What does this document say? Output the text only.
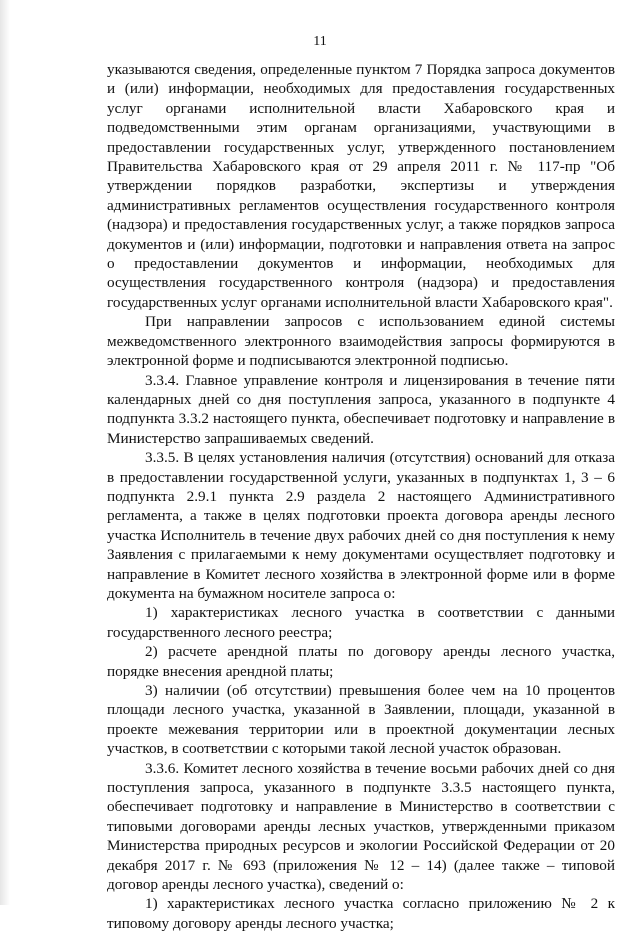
11

указываются сведения, определенные пунктом 7 Порядка запроса документов и (или) информации, необходимых для предоставления государственных услуг органами исполнительной власти Хабаровского края и подведомственными этим органам организациями, участвующими в предоставлении государственных услуг, утвержденного постановлением Правительства Хабаровского края от 29 апреля 2011 г. № 117-пр "Об утверждении порядков разработки, экспертизы и утверждения административных регламентов осуществления государственного контроля (надзора) и предоставления государственных услуг, а также порядков запроса документов и (или) информации, подготовки и направления ответа на запрос о предоставлении документов и информации, необходимых для осуществления государственного контроля (надзора) и предоставления государственных услуг органами исполнительной власти Хабаровского края".

При направлении запросов с использованием единой системы межведомственного электронного взаимодействия запросы формируются в электронной форме и подписываются электронной подписью.

3.3.4. Главное управление контроля и лицензирования в течение пяти календарных дней со дня поступления запроса, указанного в подпункте 4 подпункта 3.3.2 настоящего пункта, обеспечивает подготовку и направление в Министерство запрашиваемых сведений.

3.3.5. В целях установления наличия (отсутствия) оснований для отказа в предоставлении государственной услуги, указанных в подпунктах 1, 3 – 6 подпункта 2.9.1 пункта 2.9 раздела 2 настоящего Административного регламента, а также в целях подготовки проекта договора аренды лесного участка Исполнитель в течение двух рабочих дней со дня поступления к нему Заявления с прилагаемыми к нему документами осуществляет подготовку и направление в Комитет лесного хозяйства в электронной форме или в форме документа на бумажном носителе запроса о:

1) характеристиках лесного участка в соответствии с данными государственного лесного реестра;

2) расчете арендной платы по договору аренды лесного участка, порядке внесения арендной платы;

3) наличии (об отсутствии) превышения более чем на 10 процентов площади лесного участка, указанной в Заявлении, площади, указанной в проекте межевания территории или в проектной документации лесных участков, в соответствии с которыми такой лесной участок образован.

3.3.6. Комитет лесного хозяйства в течение восьми рабочих дней со дня поступления запроса, указанного в подпункте 3.3.5 настоящего пункта, обеспечивает подготовку и направление в Министерство в соответствии с типовыми договорами аренды лесных участков, утвержденными приказом Министерства природных ресурсов и экологии Российской Федерации от 20 декабря 2017 г. № 693 (приложения № 12 – 14) (далее также – типовой договор аренды лесного участка), сведений о:

1) характеристиках лесного участка согласно приложению № 2 к типовому договору аренды лесного участка;
